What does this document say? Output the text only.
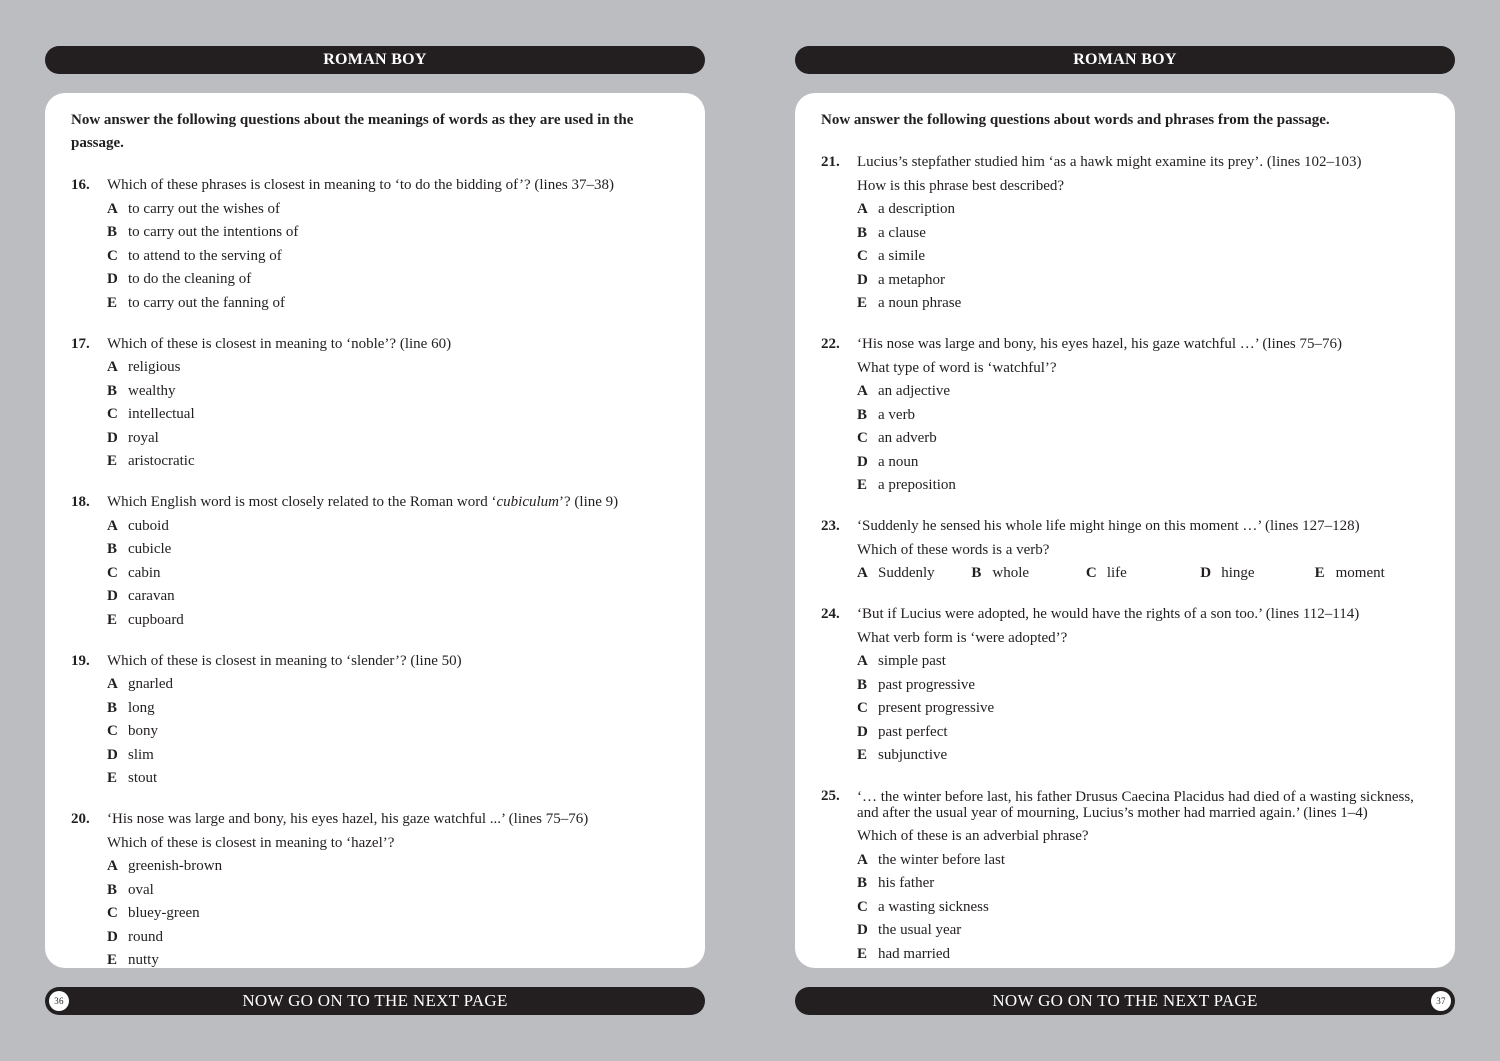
ROMAN BOY	ROMAN BOY
Now answer the following questions about the meanings of words as they are used in the passage.
16. Which of these phrases is closest in meaning to ‘to do the bidding of’? (lines 37–38)
A to carry out the wishes of
B to carry out the intentions of
C to attend to the serving of
D to do the cleaning of
E to carry out the fanning of
17. Which of these is closest in meaning to ‘noble’? (line 60)
A religious
B wealthy
C intellectual
D royal
E aristocratic
18. Which English word is most closely related to the Roman word ‘cubiculum’? (line 9)
A cuboid
B cubicle
C cabin
D caravan
E cupboard
19. Which of these is closest in meaning to ‘slender’? (line 50)
A gnarled
B long
C bony
D slim
E stout
20. ‘His nose was large and bony, his eyes hazel, his gaze watchful ...’ (lines 75–76)
Which of these is closest in meaning to ‘hazel’?
A greenish-brown
B oval
C bluey-green
D round
E nutty
Now answer the following questions about words and phrases from the passage.
21. Lucius’s stepfather studied him ‘as a hawk might examine its prey’. (lines 102–103)
How is this phrase best described?
A a description
B a clause
C a simile
D a metaphor
E a noun phrase
22. ‘His nose was large and bony, his eyes hazel, his gaze watchful …’ (lines 75–76)
What type of word is ‘watchful’?
A an adjective
B a verb
C an adverb
D a noun
E a preposition
23. ‘Suddenly he sensed his whole life might hinge on this moment …’ (lines 127–128)
Which of these words is a verb?
A Suddenly	B whole	C life	D hinge	E moment
24. ‘But if Lucius were adopted, he would have the rights of a son too.’ (lines 112–114)
What verb form is ‘were adopted’?
A simple past
B past progressive
C present progressive
D past perfect
E subjunctive
25. ‘… the winter before last, his father Drusus Caecina Placidus had died of a wasting sickness, and after the usual year of mourning, Lucius’s mother had married again.’ (lines 1–4)
Which of these is an adverbial phrase?
A the winter before last
B his father
C a wasting sickness
D the usual year
E had married
36	NOW GO ON TO THE NEXT PAGE	NOW GO ON TO THE NEXT PAGE	37
